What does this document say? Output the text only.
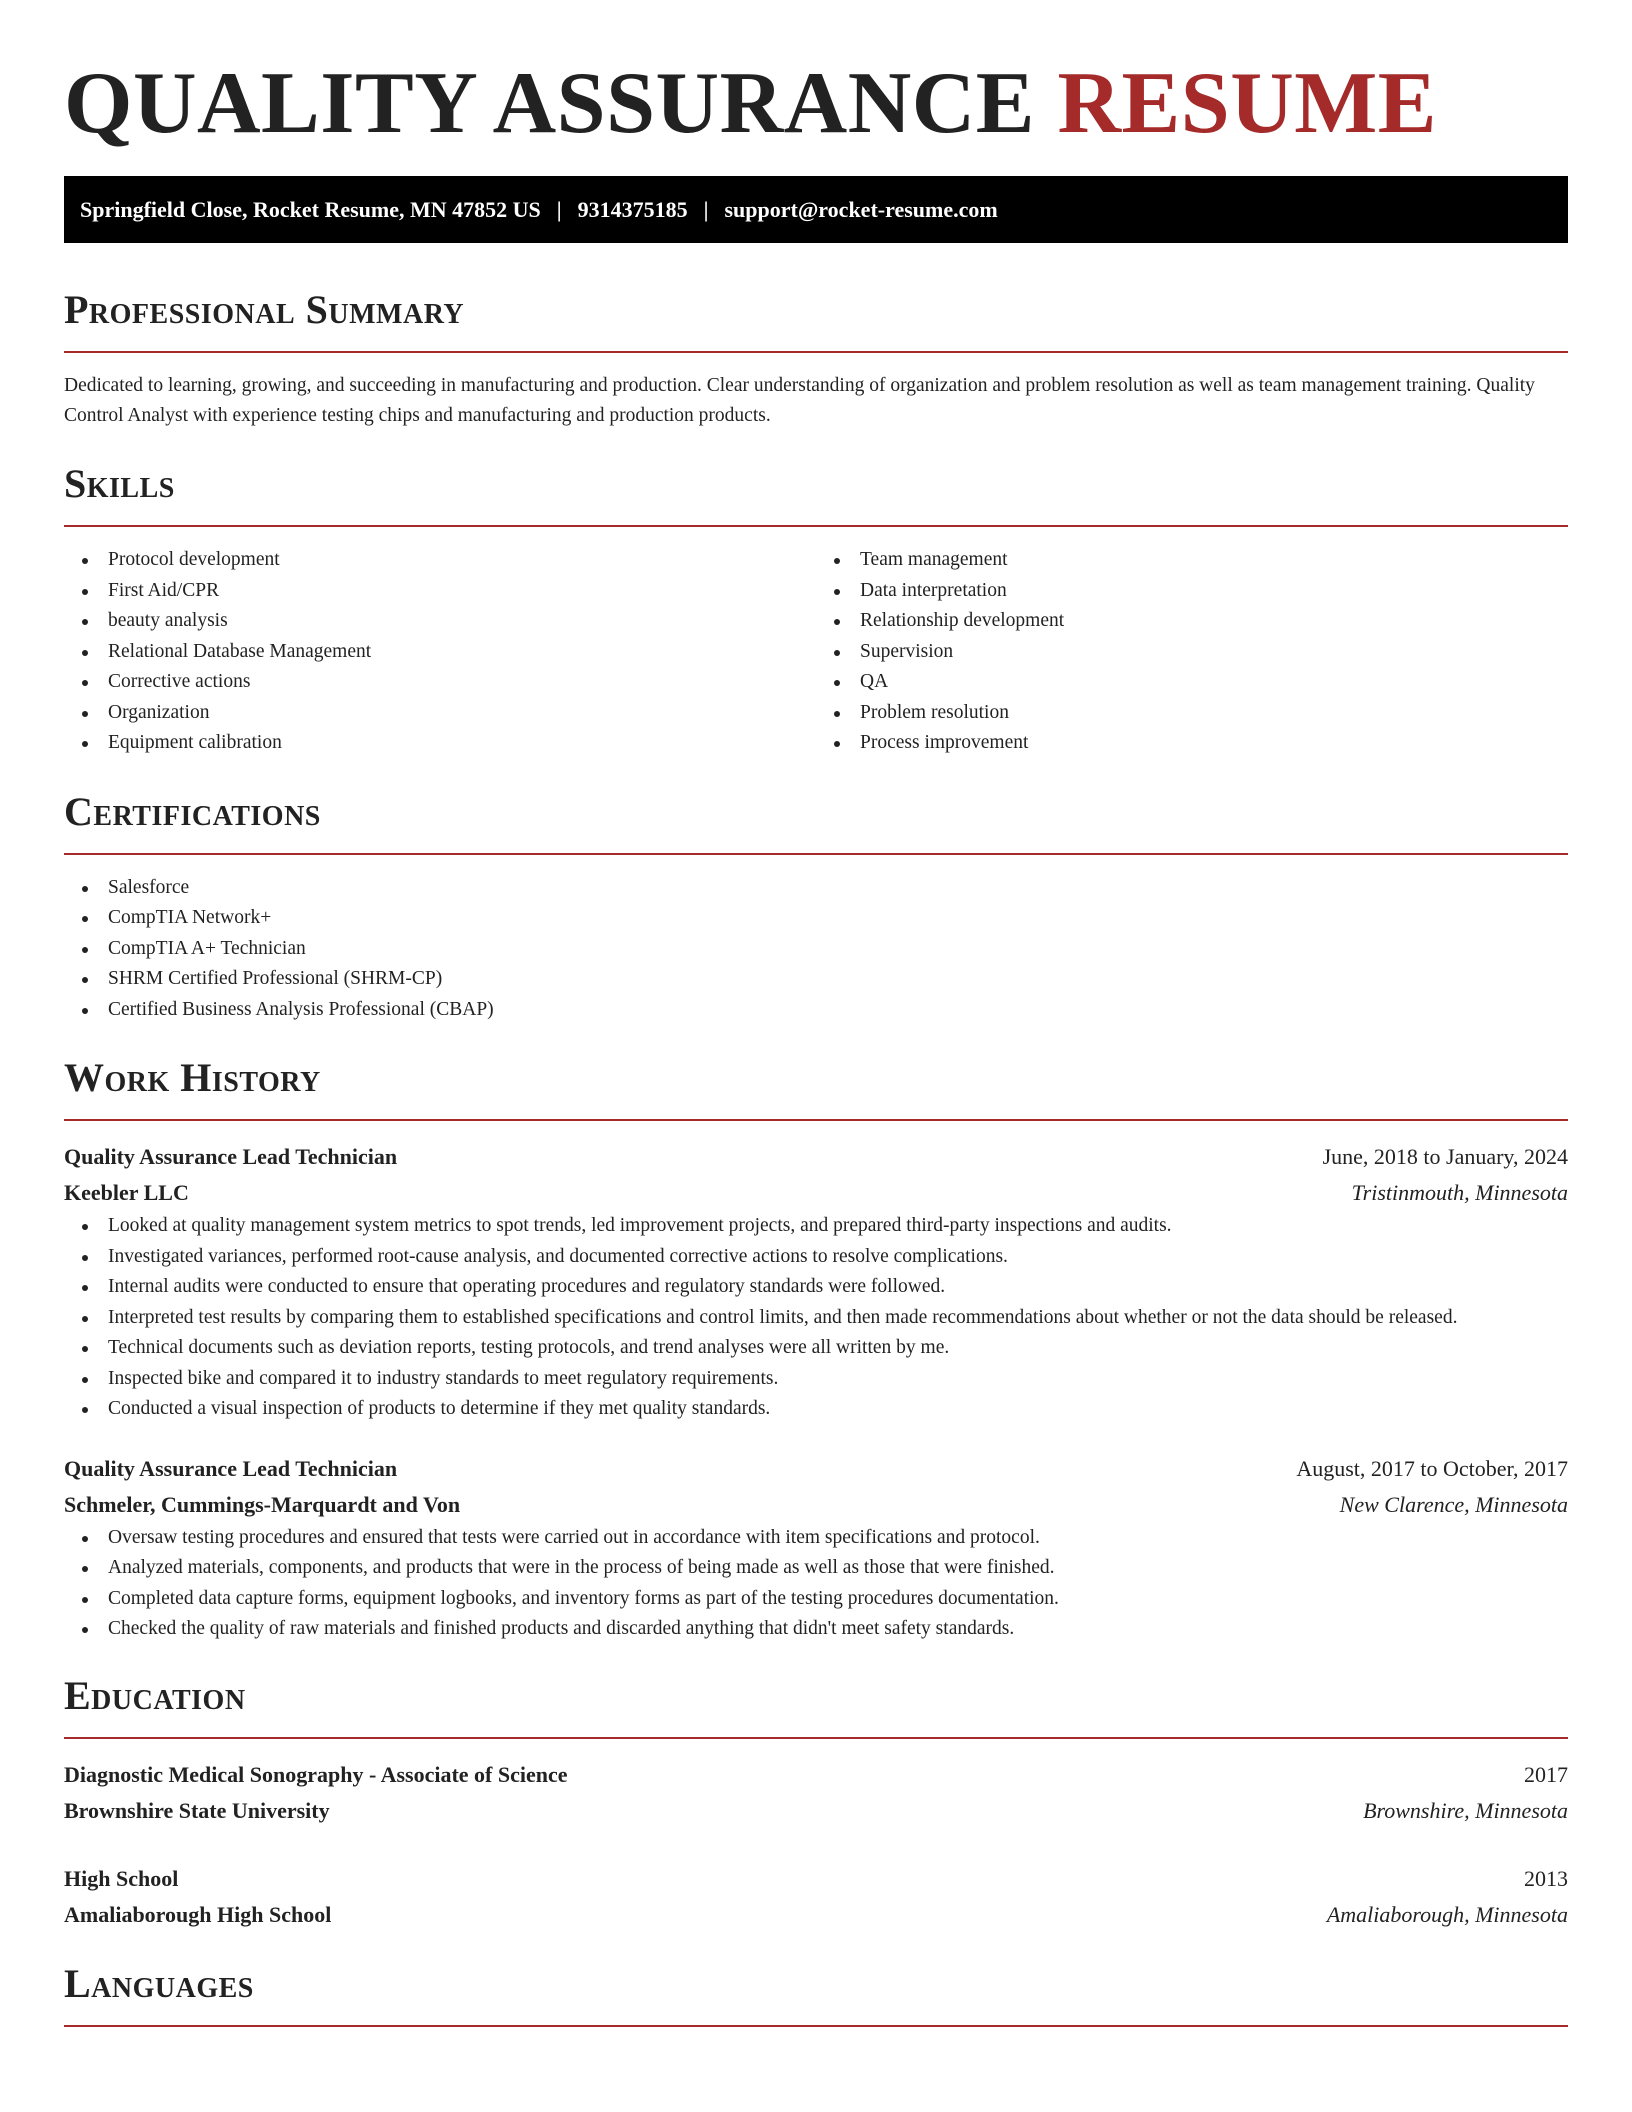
QUALITY ASSURANCE RESUME
Springfield Close, Rocket Resume, MN 47852 US | 9314375185 | support@rocket-resume.com
Professional Summary

Dedicated to learning, growing, and succeeding in manufacturing and production. Clear understanding of organization and problem resolution as well as team management training. Quality Control Analyst with experience testing chips and manufacturing and production products.

Skills
Protocol development
First Aid/CPR
beauty analysis
Relational Database Management
Corrective actions
Organization
Equipment calibration
Team management
Data interpretation
Relationship development
Supervision
QA
Problem resolution
Process improvement
Certifications
Salesforce
CompTIA Network+
CompTIA A+ Technician
SHRM Certified Professional (SHRM-CP)
Certified Business Analysis Professional (CBAP)
Work History
Quality Assurance Lead Technician	June, 2018 to January, 2024
Keebler LLC	Tristinmouth, Minnesota
Looked at quality management system metrics to spot trends, led improvement projects, and prepared third-party inspections and audits.
Investigated variances, performed root-cause analysis, and documented corrective actions to resolve complications.
Internal audits were conducted to ensure that operating procedures and regulatory standards were followed.
Interpreted test results by comparing them to established specifications and control limits, and then made recommendations about whether or not the data should be released.
Technical documents such as deviation reports, testing protocols, and trend analyses were all written by me.
Inspected bike and compared it to industry standards to meet regulatory requirements.
Conducted a visual inspection of products to determine if they met quality standards.
Quality Assurance Lead Technician	August, 2017 to October, 2017
Schmeler, Cummings-Marquardt and Von	New Clarence, Minnesota
Oversaw testing procedures and ensured that tests were carried out in accordance with item specifications and protocol.
Analyzed materials, components, and products that were in the process of being made as well as those that were finished.
Completed data capture forms, equipment logbooks, and inventory forms as part of the testing procedures documentation.
Checked the quality of raw materials and finished products and discarded anything that didn't meet safety standards.
Education
Diagnostic Medical Sonography - Associate of Science	2017
Brownshire State University	Brownshire, Minnesota
High School	2013
Amaliaborough High School	Amaliaborough, Minnesota
Languages
